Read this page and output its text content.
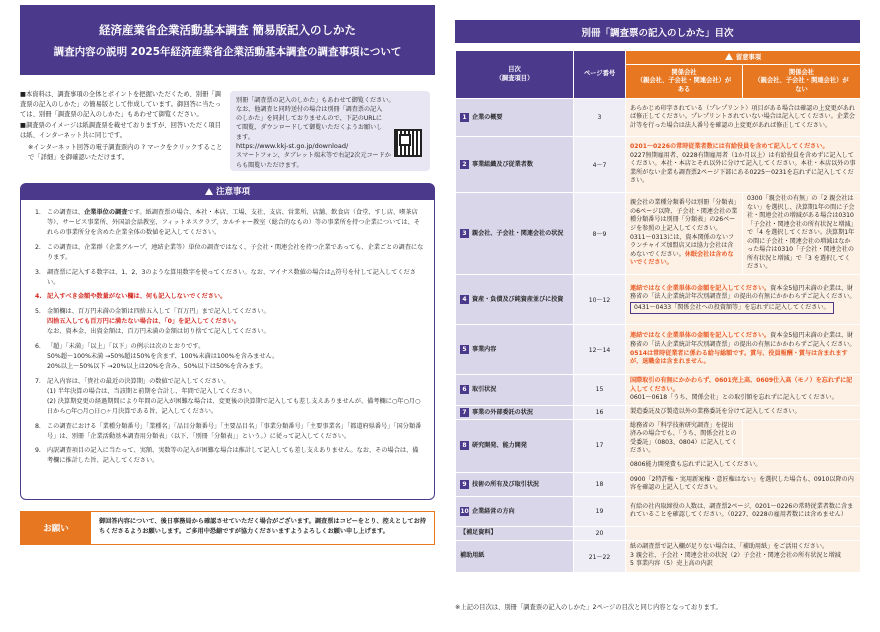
経済産業省企業活動基本調査 簡易版記入のしかた
調査内容の説明 2025年経済産業省企業活動基本調査の調査事項について

■本資料は、調査事項の全体とポイントを把握いただくため、別冊「調査票の記入のしかた」の簡易版として作成しています。御回答に当たっては、別冊「調査票の記入のしかた」もあわせて御覧ください。

■調査票のイメージは紙調査票を載せておりますが、回答いただく項目は紙、インターネット共に同じです。

※インターネット回答の電子調査票内の ? マークをクリックすることで「詳細」を御確認いただけます。

別冊「調査票の記入のしかた」もあわせて御覧ください。
なお、他調査と同時送付の場合は別冊「調査票の記入のしかた」を同封しておりませんので、下記のURLにて閲覧、ダウンロードして御覧いただくようお願いします。
https://www.kkj-st.go.jp/download/
スマートフォン、タブレット端末等で右記2次元コードからも閲覧いただけます。
注意事項
1. この調査は、企業単位の調査です。紙調査票の場合、本社・本店、工場、支社、支店、営業所、店舗、飲食店（食堂、すし店、喫茶店等）、サービス事業所、外国語会話教室、フィットネスクラブ、カルチャー教室（総合的なもの）等の事業所を持つ企業については、それらの事業所分を含めた企業全体の数値を記入してください。
2. この調査は、企業群（企業グループ、連結企業等）単位の調査ではなく、子会社・関連会社を持つ企業であっても、企業ごとの調査になります。
3. 調査票に記入する数字は、1、2、3のような算用数字を使ってください。なお、マイナス数値の場合は△符号を付して記入してください。
4. 記入すべき金額や数量がない欄は、何も記入しないでください。
5. 金額欄は、百万円未満の金額は四捨五入して「百万円」まで記入してください。
四捨五入しても百万円に満たない場合は、「0」を記入してください。
なお、資本金、出資金額は、百万円未満の金額は切り捨てて記入してください。
6. 「超」「未満」「以上」「以下」の例示は次のとおりです。
50%超〜100%未満 →50%超は50%を含まず、100%未満は100%を含みません。
20%以上〜50%以下 →20%以上は20%を含み、50%以下は50%を含みます。
7. 記入内容は、「貴社の最近の決算期」の数値で記入してください。
(1) 半年決算の場合は、当該期と前期を合計し、年間で記入してください。
(2) 決算期変更の経過期間により年間の記入が困難な場合は、変更後の決算期で記入しても差し支えありませんが、備考欄に○年○月○日から○年○月○日○ヶ月決算である旨、記入してください。
8. この調査における「業種分類番号」「業種名」「品目分類番号」「主要品目名」「事業分類番号」「主要事業名」「都道府県番号」「国分類番号」は、別冊「企業活動基本調査用分類表」（以下、「別冊「分類表」」という。）に従って記入してください。
9. 内訳調査項目の記入に当たって、実額、実数等の記入が困難な場合は推計して記入しても差し支えありません。なお、その場合は、備考欄に推計した旨、記入してください。
お願い
御回答内容について、後日事務局から確認させていただく場合がございます。調査票はコピーをとり、控えとしてお持ちくださるようお願いします。ご多用中恐縮ですが協力くださいますようよろしくお願い申し上げます。
別冊「調査票の記入のしかた」目次
目次
（調査項目）	ページ番号	留意事項	
		関係会社
（親会社、子会社・関連会社）が
ある	関係会社
（親会社、子会社・関連会社）が
ない
1 企業の概要	3	あらかじめ印字されている（プレプリント）項目がある場合は確認の上変更があれば修正してください。プレプリントされていない場合は記入してください。企業会計等を行った場合は法人番号を確認の上変更があれば修正してください。	
2 事業組織及び従業者数	4〜7	0201〜0226の常時従業者数には有給役員を含めて記入してください。
0227無期雇用者、0228有期雇用者（1か月以上）は有給役員を含めずに記入してください。本社・本店とそれ以外に分けて記入してください。本社・本店以外の事業所がない企業も調査票2ページ下部にある0225〜0231を忘れずに記入してください。	
3 親会社、子会社・関連会社の状況	8〜9	親会社の業種分類番号は別冊「分類表」の6ページ以降、子会社・関連会社の業種分類番号は別冊「分類表」の26ページを参照の上記入してください。0311〜0313には、資本関係のないフランチャイズ加盟店又は協力会社は含めないでください。休眠会社は含めないでください。	0300「親会社の有無」の「2 親会社はない」を選択し、決算期1年の間に子会社・関連会社の増減がある場合は0310「子会社・関連会社の所有状況と増減」で「4 を選択してください。決算期1年の間に子会社・関連会社の増減はなかった場合は0310「子会社・関連会社の所有状況と増減」で「3 を選択してください。
4 資産・負債及び純資産並びに投資	10〜12	連結ではなく企業単体の金額を記入してください。資本金5億円未満の企業は、財務省の「法人企業統計年次別調査票」の提出の有無にかかわらずご記入ください。
0431〜0433「関係会社への投資額等」を忘れずに記入してください。	
5 事業内容	12〜14	連結ではなく企業単体の金額を記入してください。資本金5億円未満の企業は、財務省の「法人企業統計年次別調査票」の提出の有無にかかわらずご記入ください。
0514は常時従業者に係わる給与総額です。賞与、役員報酬・賞与は含まれますが、退職金は含まれません。	
6 取引状況	15	国際取引の有無にかかわらず、0601売上高、0609仕入高（モノ）を忘れずに記入してください。
0601〜0618「うち、関係会社」との取引額を忘れずに記入してください。	
7 事業の外部委託の状況	16	製造委託及び製造以外の業務委託を分けて記入してください。	
8 研究開発、能力開発	17	総務省の「科学技術研究調査」を提出済みの場合でも、「うち、関係会社との受委託」（0803、0804）に記入してください。	
		0806能力開発費も忘れずに記入してください。	
9 技術の所有及び取引状況	18	0900「2特許権・実用新案権・意匠権はない」を選択した場合も、0910以降の内容を確認の上記入してください。	
10 企業経営の方向	19	有給の社内取締役の人数は、調査票2ページ、0201〜0226の常時従業者数に含まれていることを確認してください。（0227、0228の雇用者数には含めません）	
【補足資料】	20		
補助用紙	21〜22	紙の調査票で記入欄が足りない場合は、「補助用紙」をご活用ください。
3 親会社、子会社・関連会社の状況（2）子会社・関連会社の所有状況と増減
5 事業内容（5）売上高の内訳	
※上記の目次は、別冊「調査票の記入のしかた」2ページの目次と同じ内容となっております。
